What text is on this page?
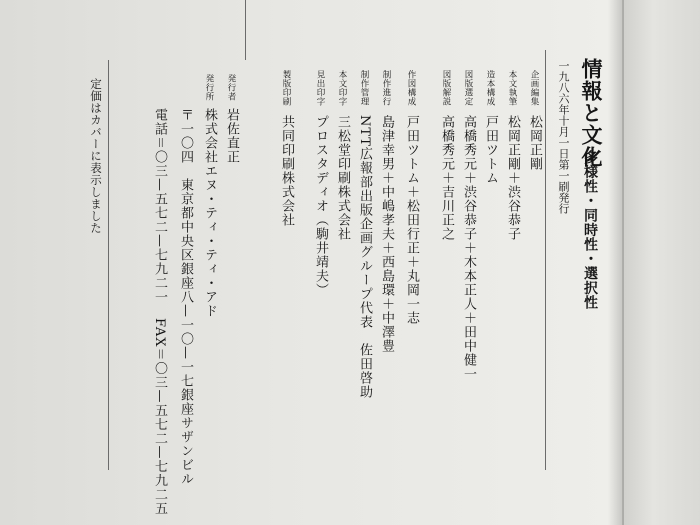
情報と文化
多様性・同時性・選択性
一九八六年十月一日第一刷発行
企画編集
松岡正剛
本文執筆
松岡正剛＋渋谷恭子
造本構成
戸田ツトム
図版選定
高橋秀元＋渋谷恭子＋木本正人＋田中健一
図版解説
高橋秀元＋吉川正之
作図構成
戸田ツトム＋松田行正＋丸岡一志
制作進行
島津幸男＋中嶋孝夫＋西島環＋中澤豊
制作管理
NTT広報部出版企画グループ代表　佐田啓助
本文印字
三松堂印刷株式会社
見出印字
プロスタディオ（駒井靖夫）
製版印刷
共同印刷株式会社
発行者
岩佐直正
発行所
株式会社エヌ・ティ・ティ・アド
〒一〇四　東京都中央区銀座八—一〇—一七銀座サザンビル
電話＝〇三—五七二—七九二一　FAX＝〇三—五七二—七九二五
定価はカバーに表示しました
